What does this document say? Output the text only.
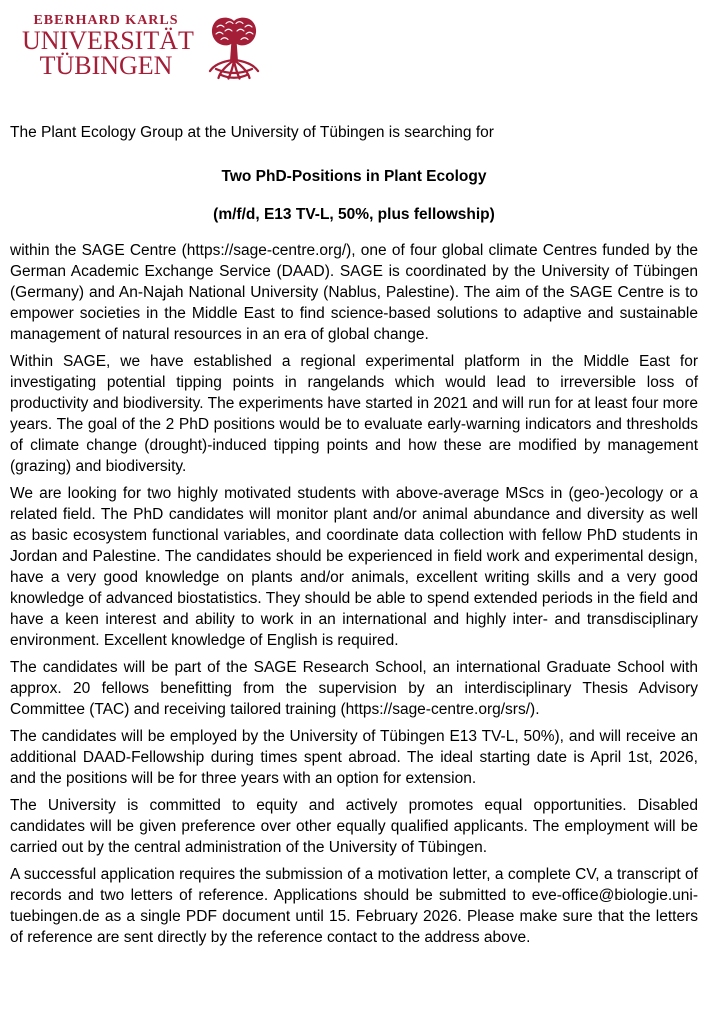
EBERHARD KARLS
UNIVERSITÄT
TÜBINGEN

The Plant Ecology Group at the University of Tübingen is searching for

Two PhD-Positions in Plant Ecology

(m/f/d, E13 TV-L, 50%, plus fellowship)

within the SAGE Centre (https://sage-centre.org/), one of four global climate Centres funded by the German Academic Exchange Service (DAAD). SAGE is coordinated by the University of Tübingen (Germany) and An-Najah National University (Nablus, Palestine). The aim of the SAGE Centre is to empower societies in the Middle East to find science-based solutions to adaptive and sustainable management of natural resources in an era of global change.

Within SAGE, we have established a regional experimental platform in the Middle East for investigating potential tipping points in rangelands which would lead to irreversible loss of productivity and biodiversity. The experiments have started in 2021 and will run for at least four more years. The goal of the 2 PhD positions would be to evaluate early-warning indicators and thresholds of climate change (drought)-induced tipping points and how these are modified by management (grazing) and biodiversity.

We are looking for two highly motivated students with above-average MScs in (geo-)ecology or a related field. The PhD candidates will monitor plant and/or animal abundance and diversity as well as basic ecosystem functional variables, and coordinate data collection with fellow PhD students in Jordan and Palestine. The candidates should be experienced in field work and experimental design, have a very good knowledge on plants and/or animals, excellent writing skills and a very good knowledge of advanced biostatistics. They should be able to spend extended periods in the field and have a keen interest and ability to work in an international and highly inter- and transdisciplinary environment. Excellent knowledge of English is required.

The candidates will be part of the SAGE Research School, an international Graduate School with approx. 20 fellows benefitting from the supervision by an interdisciplinary Thesis Advisory Committee (TAC) and receiving tailored training (https://sage-centre.org/srs/).

The candidates will be employed by the University of Tübingen E13 TV-L, 50%), and will receive an additional DAAD-Fellowship during times spent abroad. The ideal starting date is April 1st, 2026, and the positions will be for three years with an option for extension.

The University is committed to equity and actively promotes equal opportunities. Disabled candidates will be given preference over other equally qualified applicants. The employment will be carried out by the central administration of the University of Tübingen.

A successful application requires the submission of a motivation letter, a complete CV, a transcript of records and two letters of reference. Applications should be submitted to eve-office@biologie.uni-tuebingen.de as a single PDF document until 15. February 2026. Please make sure that the letters of reference are sent directly by the reference contact to the address above.
